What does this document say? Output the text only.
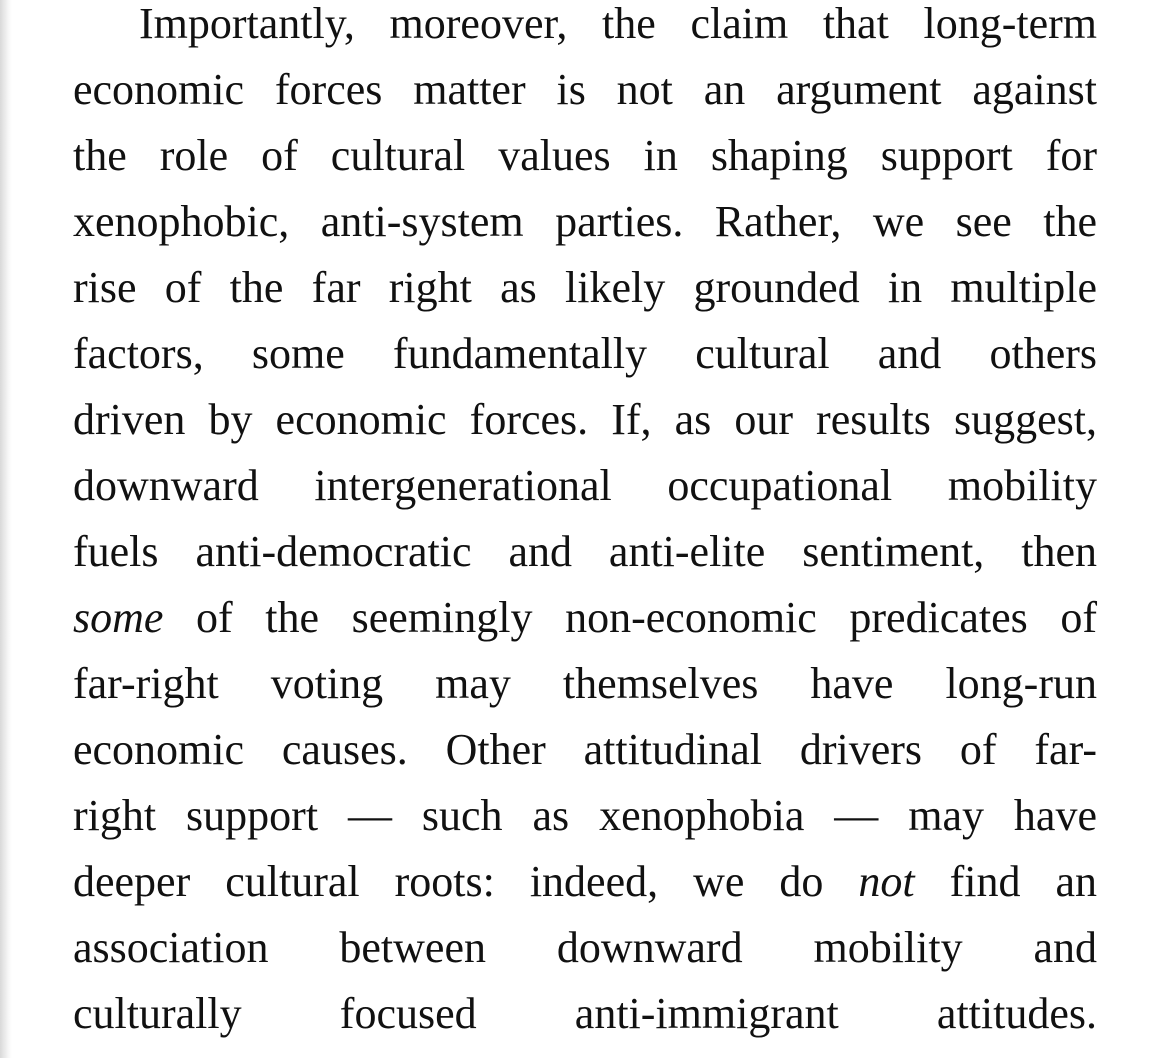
Importantly, moreover, the claim that long-term
economic forces matter is not an argument against
the role of cultural values in shaping support for
xenophobic, anti-system parties. Rather, we see the
rise of the far right as likely grounded in multiple
factors, some fundamentally cultural and others
driven by economic forces. If, as our results suggest,
downward intergenerational occupational mobility
fuels anti-democratic and anti-elite sentiment, then
some of the seemingly non-economic predicates of
far-right voting may themselves have long-run
economic causes. Other attitudinal drivers of far-
right support — such as xenophobia — may have
deeper cultural roots: indeed, we do not find an
association between downward mobility and
culturally focused anti-immigrant attitudes.
